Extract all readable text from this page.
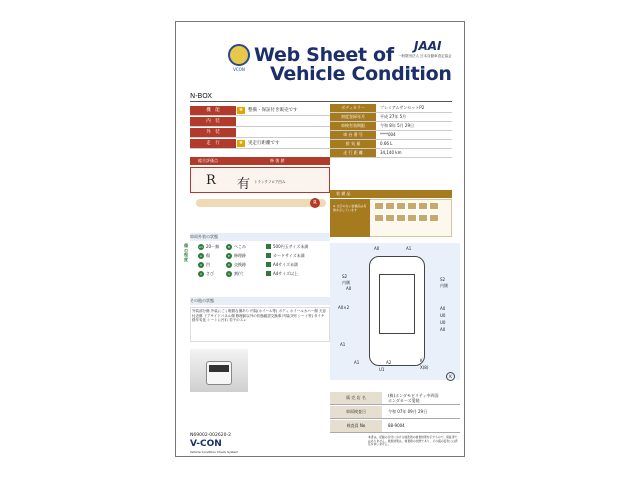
VCON
Web Sheet of
Vehicle Condition
JAAI
一般財団法人 日本自動車査定協会
N-BOX
機　能	★	整備・保証付き販売です
内　装
外　装
走　行	★	実走行距離です
ボディカラー	プレミアムサンセットP2
初度登録年月	平成 27年 5月
車検有効期限	令和 8年 5月 29日
車 台 番 号	****004
排 気 量	0.66 L
走 行 距 離	34,140 km
総合評価点	修 復 歴
R 有 トランクフロア凹み
R
装 備 品
※ 文字のない装備品は有無を示しています
車両外装の状態
傷の程度
A1 20ー無
A 傷
U 凹
C さび
B へこみ
E	修理跡
P	交換跡
S	割/穴
500円玉サイズ未満
カードサイズ未満
A4サイズ未満
A4サイズ以上
その他の状態
外装部分傷 外装にごく軽微な傷あり 内装(ホイール等) ボディ ホイールカバー傷 天窓付近傷 ドアサイドパネル傷 修理跡以外の状態確認交換事 内装(3列 シート等) タイヤ 経年劣化 シートに汚れ 若干のスレ
A0	A1
S2
内側
A0
A0×2	A0
U0
U0
A0
A1
A2
A1
U1
K
X(8)
S2
内側
K
販 売 店 名	(株)ホンダモビリティ中四国
ホンダカーズ愛媛
車両検査日	令和 07年 09月 29日
検査員 No	88-9004
N69002-002620-2
V-CON
Vehicle Condition Check System
本書は、記載の日付における検査員の検査結果を示すもので、保証書ではありません。検査結果は、検査時の状態であり、その後の変化には責任を負いません。
